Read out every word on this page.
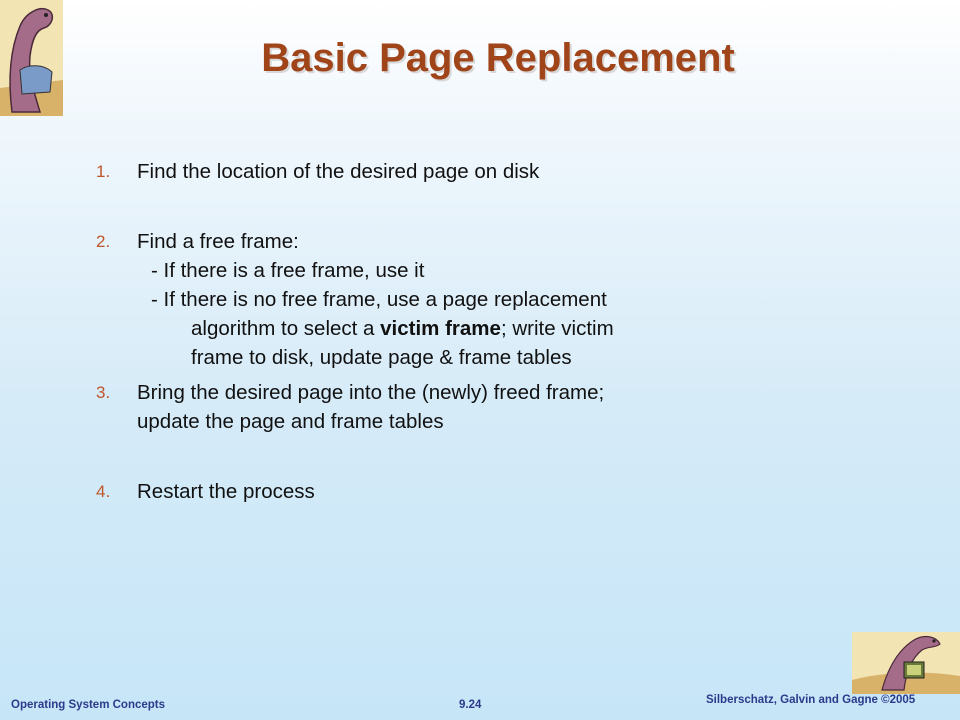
Basic Page Replacement
1. Find the location of the desired page on disk
2. Find a free frame:
- If there is a free frame, use it
- If there is no free frame, use a page replacement
algorithm to select a victim frame; write victim
frame to disk, update page & frame tables
3. Bring the desired page into the (newly) freed frame;
update the page and frame tables
4. Restart the process
Operating System Concepts	9.24	Silberschatz, Galvin and Gagne ©2005
